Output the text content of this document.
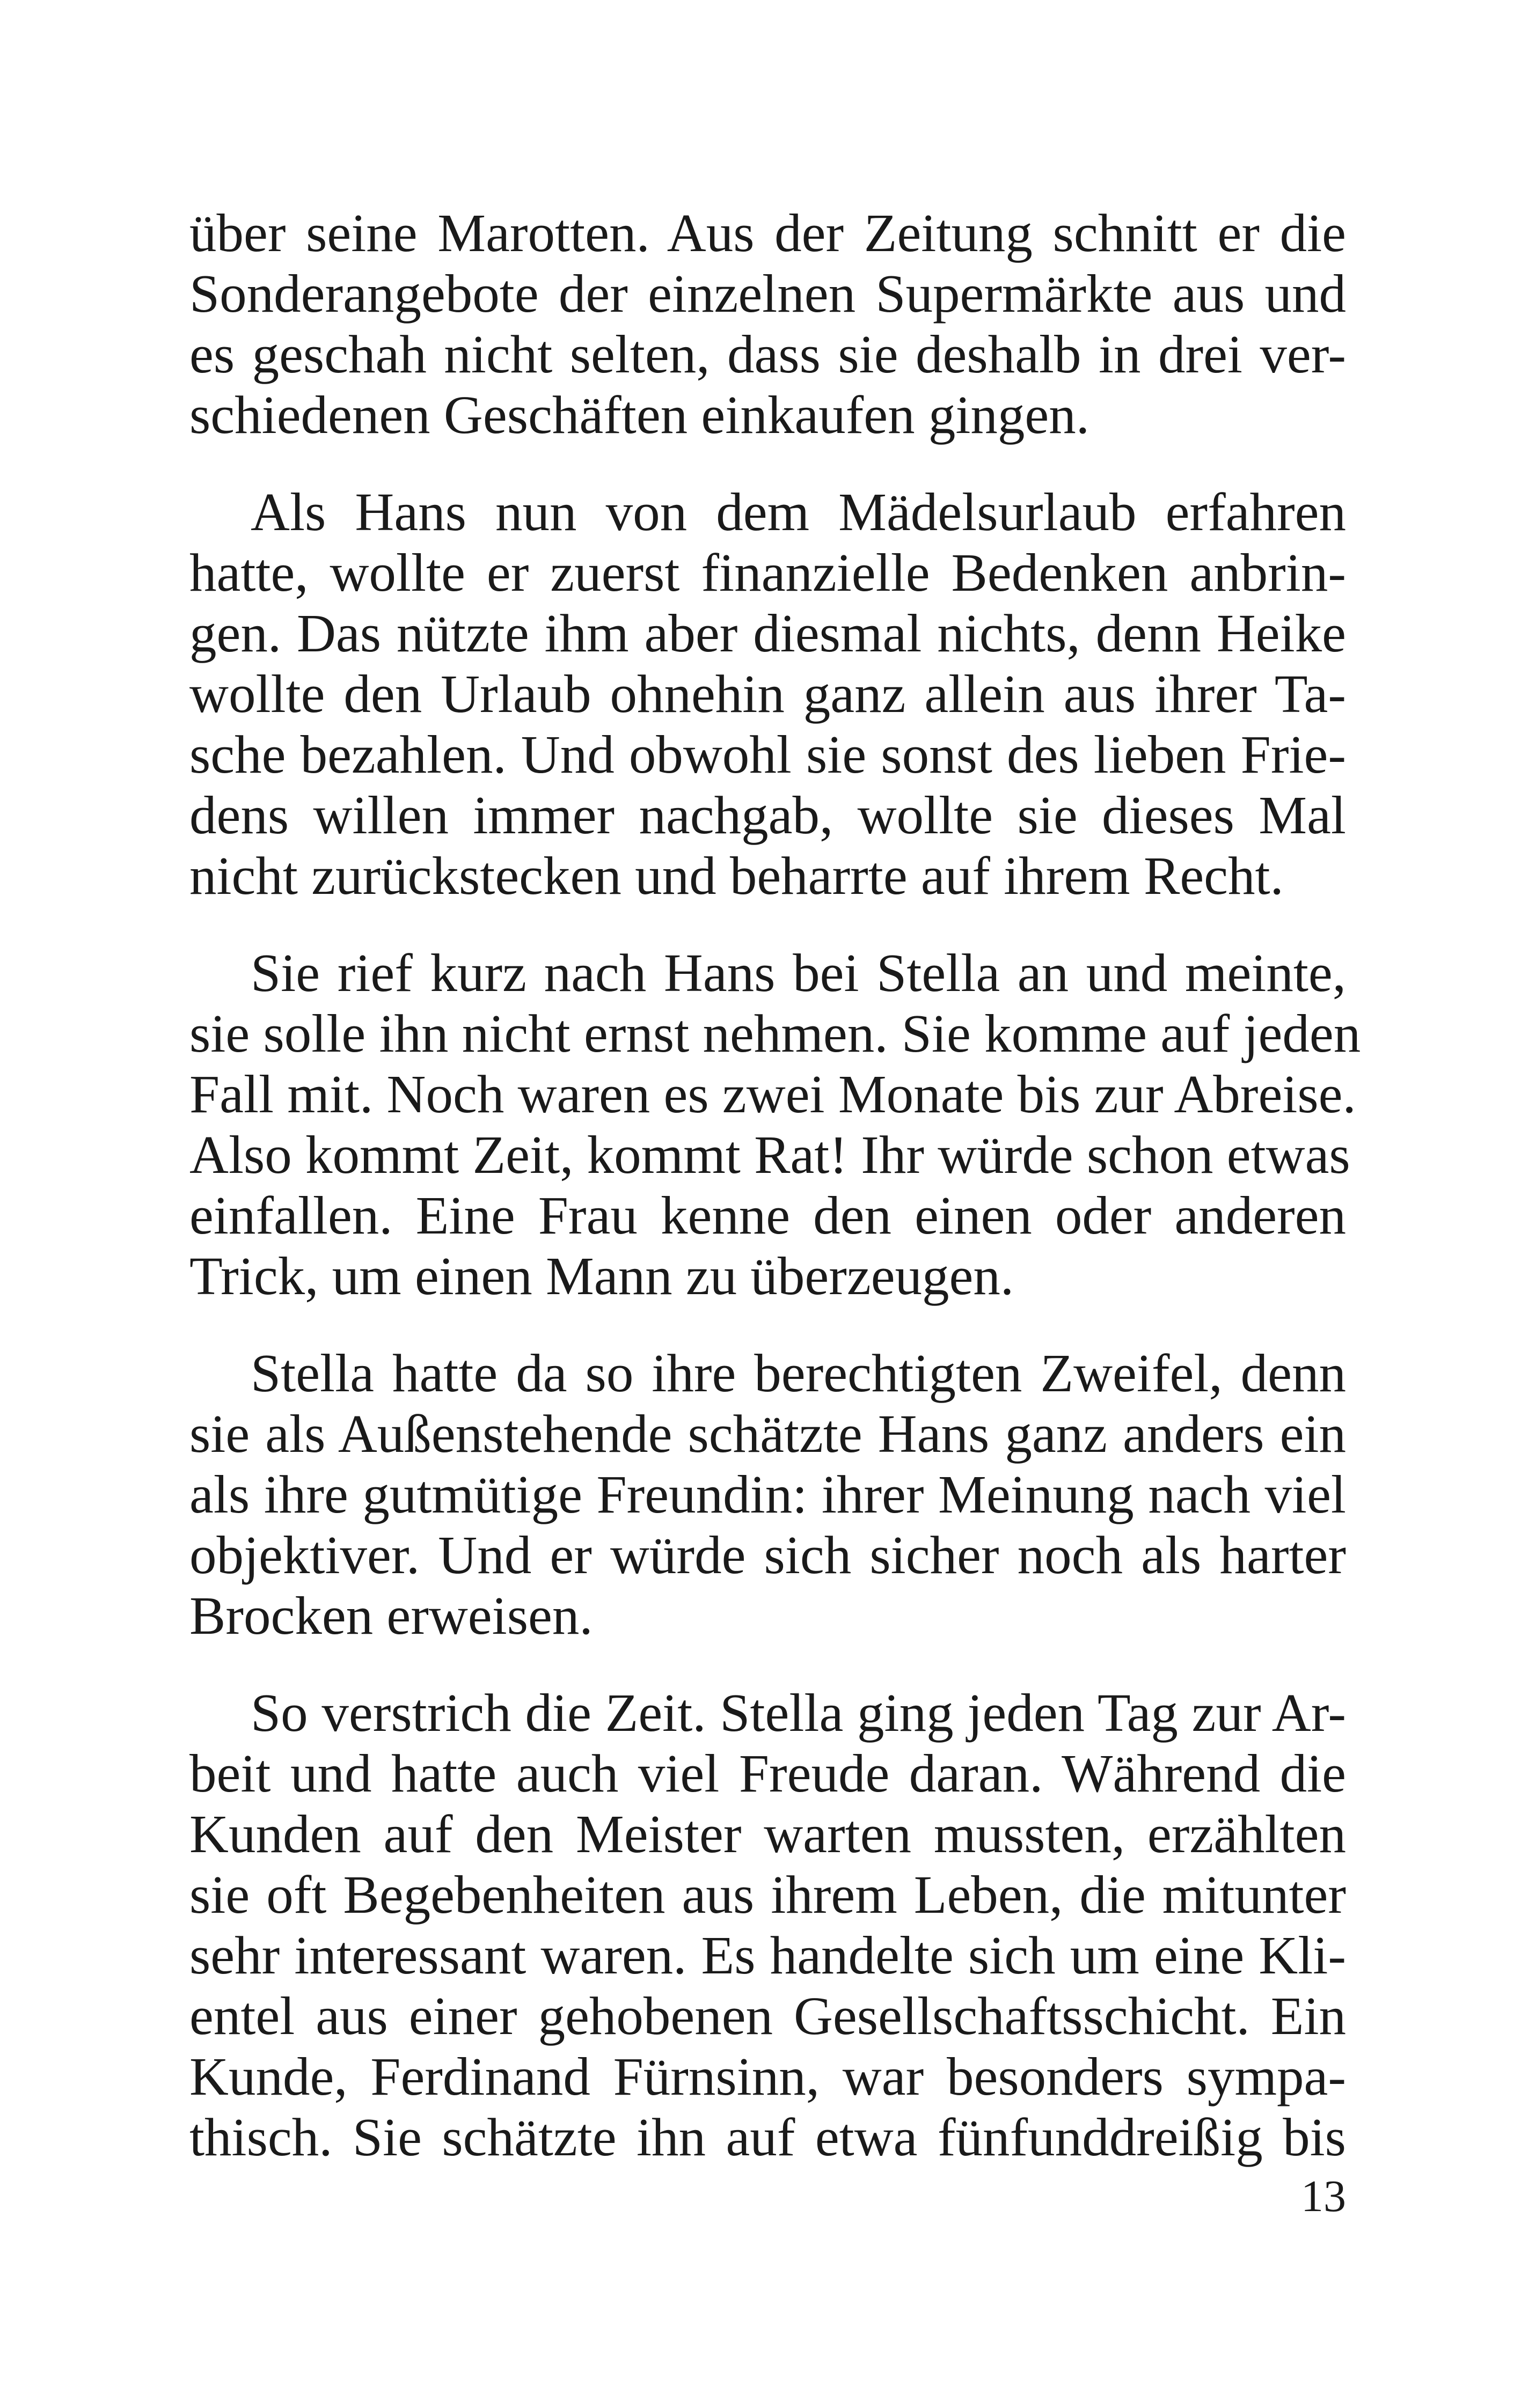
über seine Marotten. Aus der Zeitung schnitt er die
Sonderangebote der einzelnen Supermärkte aus und
es geschah nicht selten, dass sie deshalb in drei ver-
schiedenen Geschäften einkaufen gingen.
Als Hans nun von dem Mädelsurlaub erfahren
hatte, wollte er zuerst finanzielle Bedenken anbrin-
gen. Das nützte ihm aber diesmal nichts, denn Heike
wollte den Urlaub ohnehin ganz allein aus ihrer Ta-
sche bezahlen. Und obwohl sie sonst des lieben Frie-
dens willen immer nachgab, wollte sie dieses Mal
nicht zurückstecken und beharrte auf ihrem Recht.
Sie rief kurz nach Hans bei Stella an und meinte,
sie solle ihn nicht ernst nehmen. Sie komme auf jeden
Fall mit. Noch waren es zwei Monate bis zur Abreise.
Also kommt Zeit, kommt Rat! Ihr würde schon etwas
einfallen. Eine Frau kenne den einen oder anderen
Trick, um einen Mann zu überzeugen.
Stella hatte da so ihre berechtigten Zweifel, denn
sie als Außenstehende schätzte Hans ganz anders ein
als ihre gutmütige Freundin: ihrer Meinung nach viel
objektiver. Und er würde sich sicher noch als harter
Brocken erweisen.
So verstrich die Zeit. Stella ging jeden Tag zur Ar-
beit und hatte auch viel Freude daran. Während die
Kunden auf den Meister warten mussten, erzählten
sie oft Begebenheiten aus ihrem Leben, die mitunter
sehr interessant waren. Es handelte sich um eine Kli-
entel aus einer gehobenen Gesellschaftsschicht. Ein
Kunde, Ferdinand Fürnsinn, war besonders sympa-
thisch. Sie schätzte ihn auf etwa fünfunddreißig bis
13
